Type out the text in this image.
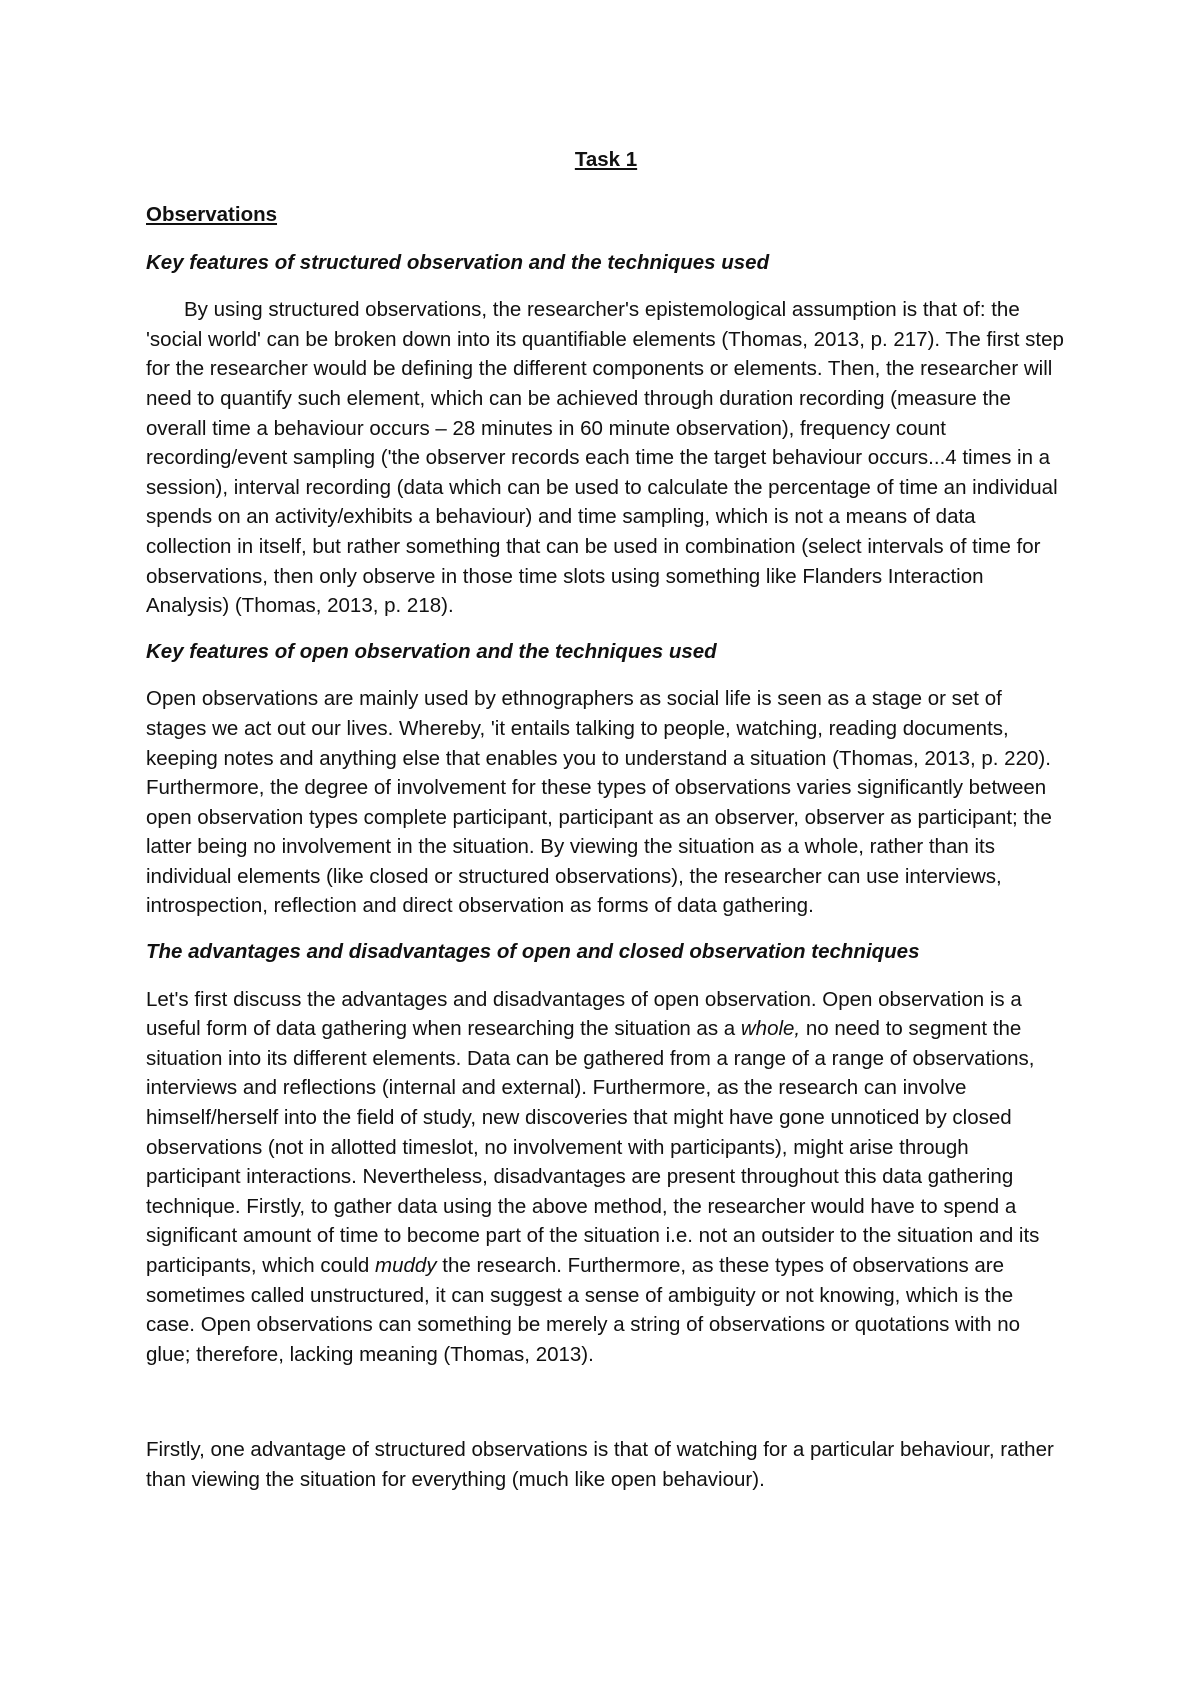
Task 1
Observations
Key features of structured observation and the techniques used

By using structured observations, the researcher's epistemological assumption is that of: the 'social world' can be broken down into its quantifiable elements (Thomas, 2013, p. 217). The first step for the researcher would be defining the different components or elements. Then, the researcher will need to quantify such element, which can be achieved through duration recording (measure the overall time a behaviour occurs – 28 minutes in 60 minute observation), frequency count recording/event sampling ('the observer records each time the target behaviour occurs...4 times in a session), interval recording (data which can be used to calculate the percentage of time an individual spends on an activity/exhibits a behaviour) and time sampling, which is not a means of data collection in itself, but rather something that can be used in combination (select intervals of time for observations, then only observe in those time slots using something like Flanders Interaction Analysis) (Thomas, 2013, p. 218).

Key features of open observation and the techniques used

Open observations are mainly used by ethnographers as social life is seen as a stage or set of stages we act out our lives. Whereby, 'it entails talking to people, watching, reading documents, keeping notes and anything else that enables you to understand a situation (Thomas, 2013, p. 220). Furthermore, the degree of involvement for these types of observations varies significantly between open observation types complete participant, participant as an observer, observer as participant; the latter being no involvement in the situation. By viewing the situation as a whole, rather than its individual elements (like closed or structured observations), the researcher can use interviews, introspection, reflection and direct observation as forms of data gathering.

The advantages and disadvantages of open and closed observation techniques

Let's first discuss the advantages and disadvantages of open observation. Open observation is a useful form of data gathering when researching the situation as a whole, no need to segment the situation into its different elements. Data can be gathered from a range of a range of observations, interviews and reflections (internal and external). Furthermore, as the research can involve himself/herself into the field of study, new discoveries that might have gone unnoticed by closed observations (not in allotted timeslot, no involvement with participants), might arise through participant interactions. Nevertheless, disadvantages are present throughout this data gathering technique. Firstly, to gather data using the above method, the researcher would have to spend a significant amount of time to become part of the situation i.e. not an outsider to the situation and its participants, which could muddy the research. Furthermore, as these types of observations are sometimes called unstructured, it can suggest a sense of ambiguity or not knowing, which is the case. Open observations can something be merely a string of observations or quotations with no glue; therefore, lacking meaning (Thomas, 2013).

Firstly, one advantage of structured observations is that of watching for a particular behaviour, rather than viewing the situation for everything (much like open behaviour).
